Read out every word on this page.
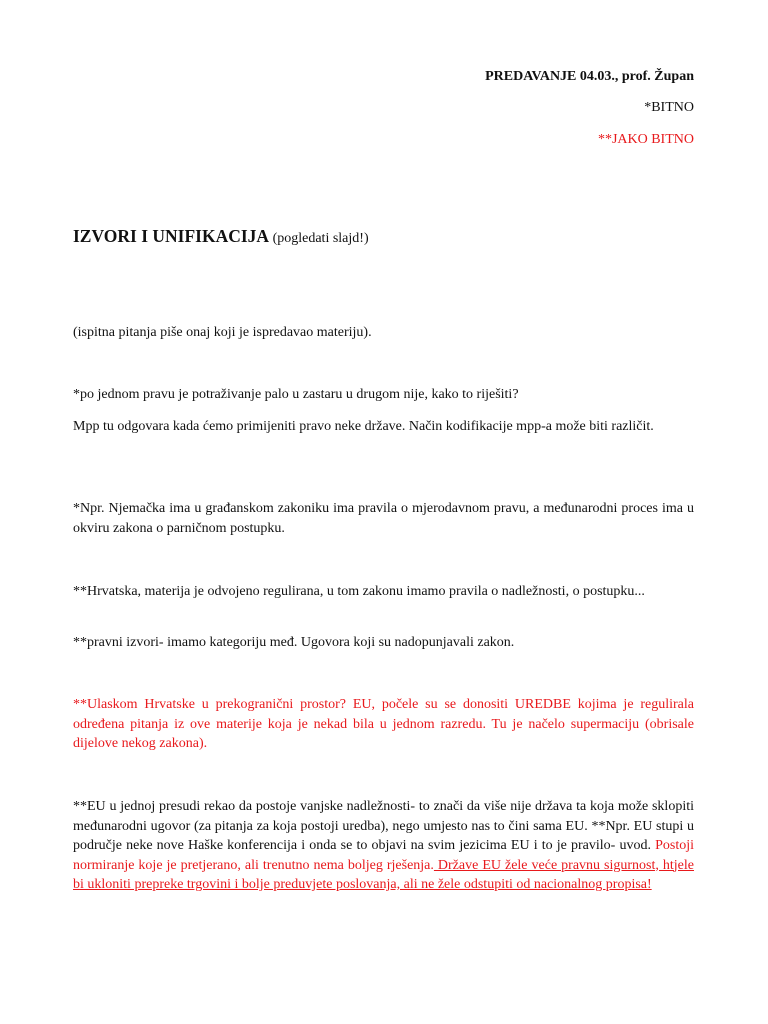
PREDAVANJE 04.03., prof. Župan
*BITNO
**JAKO BITNO
IZVORI I UNIFIKACIJA (pogledati slajd!)

(ispitna pitanja piše onaj koji je ispredavao materiju).

*po jednom pravu je potraživanje palo u zastaru u drugom nije, kako to riješiti?

Mpp tu odgovara kada ćemo primijeniti pravo neke države. Način kodifikacije mpp-a može biti različit.

*Npr. Njemačka ima u građanskom zakoniku ima pravila o mjerodavnom pravu, a međunarodni proces ima u okviru zakona o parničnom postupku.

**Hrvatska, materija je odvojeno regulirana, u tom zakonu imamo pravila o nadležnosti, o postupku...

**pravni izvori- imamo kategoriju međ. Ugovora koji su nadopunjavali zakon.

**Ulaskom Hrvatske u prekogranični prostor? EU, počele su se donositi UREDBE kojima je regulirala određena pitanja iz ove materije koja je nekad bila u jednom razredu. Tu je načelo supermaciju (obrisale dijelove nekog zakona).

**EU u jednoj presudi rekao da postoje vanjske nadležnosti- to znači da više nije država ta koja može sklopiti međunarodni ugovor (za pitanja za koja postoji uredba), nego umjesto nas to čini sama EU. **Npr. EU stupi u područje neke nove Haške konferencija i onda se to objavi na svim jezicima EU i to je pravilo- uvod. Postoji normiranje koje je pretjerano, ali trenutno nema boljeg rješenja. Države EU žele veće pravnu sigurnost, htjele bi ukloniti prepreke trgovini i bolje preduvjete poslovanja, ali ne žele odstupiti od nacionalnog propisa!
